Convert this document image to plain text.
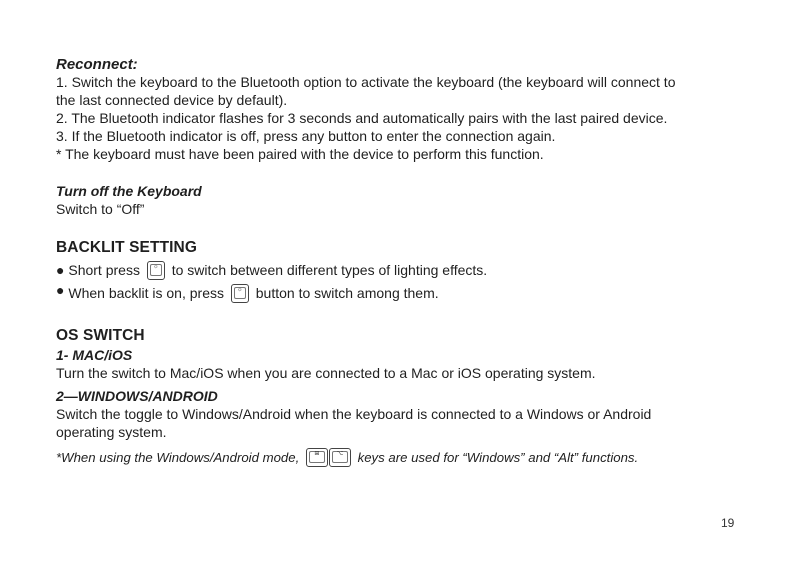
Reconnect:
1. Switch the keyboard to the Bluetooth option to activate the keyboard (the keyboard will connect to
the last connected device by default).
2. The Bluetooth indicator flashes for 3 seconds and automatically pairs with the last paired device.
3. If the Bluetooth indicator is off, press any button to enter the connection again.
* The keyboard must have been paired with the device to perform this function.
Turn off the Keyboard
Switch to “Off”
BACKLIT SETTING
● Short press	☼ to switch between different types of lighting effects.
● When backlit is on, press	☼ button to switch among them.
OS SWITCH
1- MAC/iOS
Turn the switch to Mac/iOS when you are connected to a Mac or iOS operating system.
2—WINDOWS/ANDROID
Switch the toggle to Windows/Android when the keyboard is connected to a Windows or Android
operating system.
*When using the Windows/Android mode,	⊞	⌥	keys are used for “Windows” and “Alt” functions.
19
